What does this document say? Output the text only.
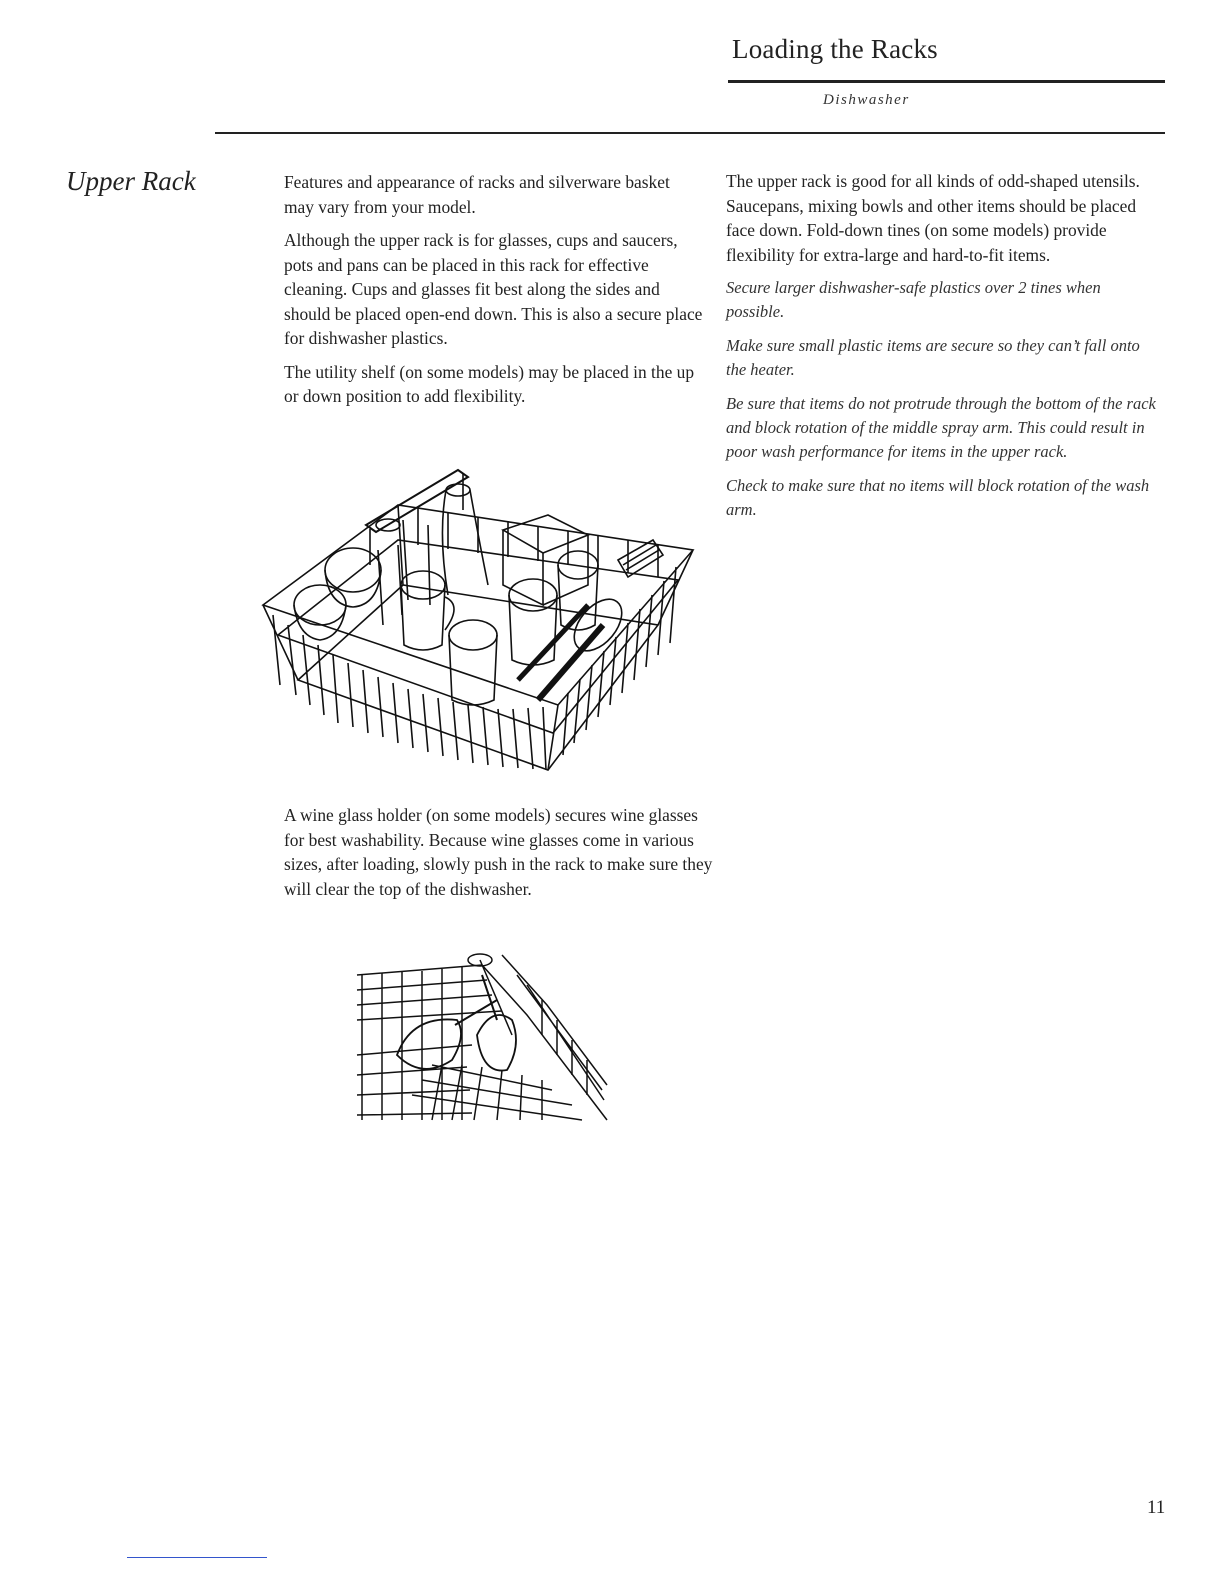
Loading the Racks
Dishwasher
Upper Rack	Features and appearance of racks and silverware basket may vary from your model.

Although the upper rack is for glasses, cups and saucers, pots and pans can be placed in this rack for effective cleaning. Cups and glasses fit best along the sides and should be placed open-end down. This is also a secure place for dishwasher plastics.

The utility shelf (on some models) may be placed in the up or down position to add flexibility.

A wine glass holder (on some models) secures wine glasses for best washability. Because wine glasses come in various sizes, after loading, slowly push in the rack to make sure they will clear the top of the dishwasher.

The upper rack is good for all kinds of odd-shaped utensils. Saucepans, mixing bowls and other items should be placed face down. Fold-down tines (on some models) provide flexibility for extra-large and hard-to-fit items.

Secure larger dishwasher-safe plastics over 2 tines when possible.

Make sure small plastic items are secure so they can’t fall onto the heater.

Be sure that items do not protrude through the bottom of the rack and block rotation of the middle spray arm. This could result in poor wash performance for items in the upper rack.

Check to make sure that no items will block rotation of the wash arm.

11
